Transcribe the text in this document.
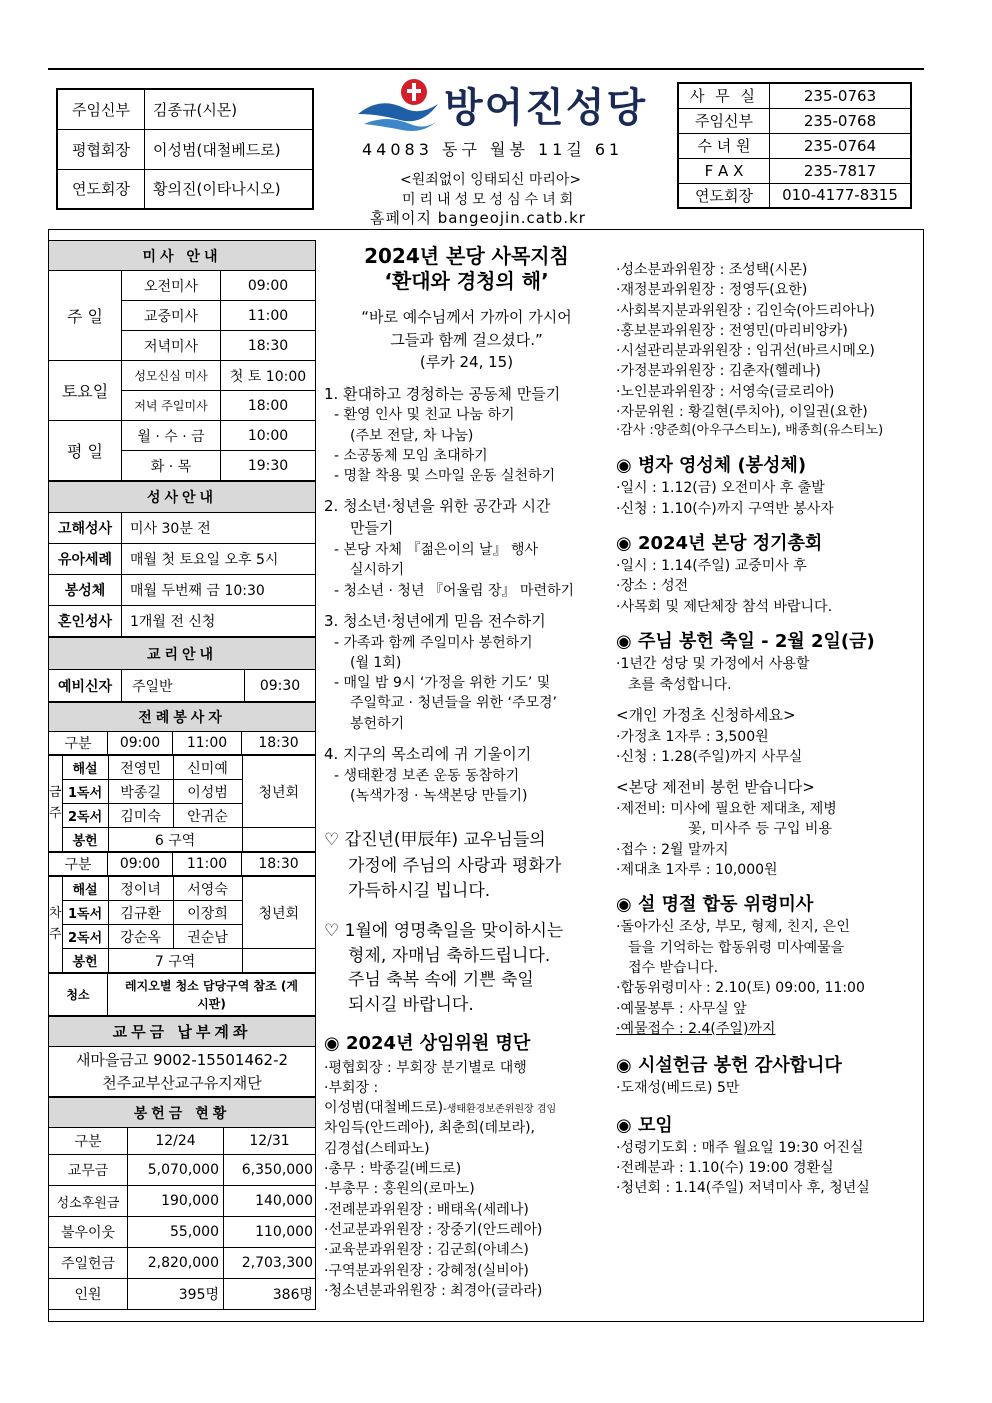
주임신부	김종규(시몬)
평협회장	이성범(대철베드로)
연도회장	황의진(이타나시오)
방어진성당
44083 동구 월봉 11길 61
<원죄없이 잉태되신 마리아>
미리내성모성심수녀회
홈페이지 bangeojin.catb.kr
사 무 실	235-0763
주임신부	235-0768
수 녀 원	235-0764
F A X	235-7817
연도회장	010-4177-8315
미사 안내		
주 일	오전미사	09:00
	교중미사	11:00
	저녁미사	18:30
토요일	성모신심 미사	첫 토 10:00
	저녁 주일미사	18:00
평 일	월 · 수 · 금	10:00
	화 · 목	19:30
성사안내	
고해성사	미사 30분 전
유아세례	매월 첫 토요일 오후 5시
봉성체	매월 두번째 금 10:30
혼인성사	1개월 전 신청
교리안내
예비신자	주일반	09:30
전례봉사자
구분	09:00	11:00	18:30
금주	해설	전영민	신미예	청년회
	1독서	박종길	이성범	
	2독서	김미숙	안귀순	
	봉헌	6 구역		
구분	09:00	11:00	18:30
차주	해설	정이녀	서영숙	청년회
	1독서	김규환	이장희	
	2독서	강순옥	권순남	
	봉헌	7 구역		
청소	레지오별 청소 담당구역 참조 (게시판)
교무금 납부계좌

새마을금고 9002-15501462-2
천주교부산교구유지재단
봉헌금 현황		
구분	12/24	12/31
교무금	5,070,000	6,350,000
성소후원금	190,000	140,000
불우이웃	55,000	110,000
주일헌금	2,820,000	2,703,300
인원	395명	386명
2024년 본당 사목지침
‘환대와 경청의 해’
“바로 예수님께서 가까이 가시어
그들과 함께 걸으셨다.”
(루카 24, 15)
1. 환대하고 경청하는 공동체 만들기
- 환영 인사 및 친교 나눔 하기
(주보 전달, 차 나눔)
- 소공동체 모임 초대하기
- 명찰 착용 및 스마일 운동 실천하기
2. 청소년·청년을 위한 공간과 시간
만들기
- 본당 자체 『젊은이의 날』 행사
실시하기
- 청소년 · 청년 『어울림 장』 마련하기
3. 청소년·청년에게 믿음 전수하기
- 가족과 함께 주일미사 봉헌하기
(월 1회)
- 매일 밤 9시 ‘가정을 위한 기도’ 및
주일학교 · 청년들을 위한 ‘주모경’
봉헌하기
4. 지구의 목소리에 귀 기울이기
- 생태환경 보존 운동 동참하기
(녹색가정 · 녹색본당 만들기)
♡ 갑진년(甲辰年) 교우님들의
가정에 주님의 사랑과 평화가
가득하시길 빕니다.
♡ 1월에 영명축일을 맞이하시는
형제, 자매님 축하드립니다.
주님 축복 속에 기쁜 축일
되시길 바랍니다.
◉ 2024년 상임위원 명단
·평협회장 : 부회장 분기별로 대행
·부회장 :
이성범(대철베드로)-생태환경보존위원장 겸임
차임득(안드레아), 최춘희(데보라),
김경섭(스테파노)
·총무 : 박종길(베드로)
·부총무 : 홍원의(로마노)
·전례분과위원장 : 배태옥(세레나)
·선교분과위원장 : 장중기(안드레아)
·교육분과위원장 : 김군희(아녜스)
·구역분과위원장 : 강혜정(실비아)
·청소년분과위원장 : 최경아(글라라)
·성소분과위원장 : 조성택(시몬)
·재정분과위원장 : 정영두(요한)
·사회복지분과위원장 : 김인숙(아드리아나)
·홍보분과위원장 : 전영민(마리비앙카)
·시설관리분과위원장 : 임귀선(바르시메오)
·가정분과위원장 : 김춘자(헬레나)
·노인분과위원장 : 서영숙(글로리아)
·자문위원 : 황길현(루치아), 이일권(요한)
·감사 :양준희(아우구스티노), 배종희(유스티노)
◉ 병자 영성체 (봉성체)
·일시 : 1.12(금) 오전미사 후 출발
·신청 : 1.10(수)까지 구역반 봉사자
◉ 2024년 본당 정기총회
·일시 : 1.14(주일) 교중미사 후
·장소 : 성전
·사목회 및 제단체장 참석 바랍니다.
◉ 주님 봉헌 축일 - 2월 2일(금)
·1년간 성당 및 가정에서 사용할
초를 축성합니다.
<개인 가정초 신청하세요>
·가정초 1자루 : 3,500원
·신청 : 1.28(주일)까지 사무실
<본당 제전비 봉헌 받습니다>
·제전비: 미사에 필요한 제대초, 제병
꽃, 미사주 등 구입 비용
·접수 : 2월 말까지
·제대초 1자루 : 10,000원
◉ 설 명절 합동 위령미사
·돌아가신 조상, 부모, 형제, 친지, 은인
들을 기억하는 합동위령 미사예물을
접수 받습니다.
·합동위령미사 : 2.10(토) 09:00, 11:00
·예물봉투 : 사무실 앞
·예물접수 : 2.4(주일)까지
◉ 시설헌금 봉헌 감사합니다
·도재성(베드로) 5만
◉ 모임
·성령기도회 : 매주 월요일 19:30 어진실
·전례분과 : 1.10(수) 19:00 경환실
·청년회 : 1.14(주일) 저녁미사 후, 청년실
